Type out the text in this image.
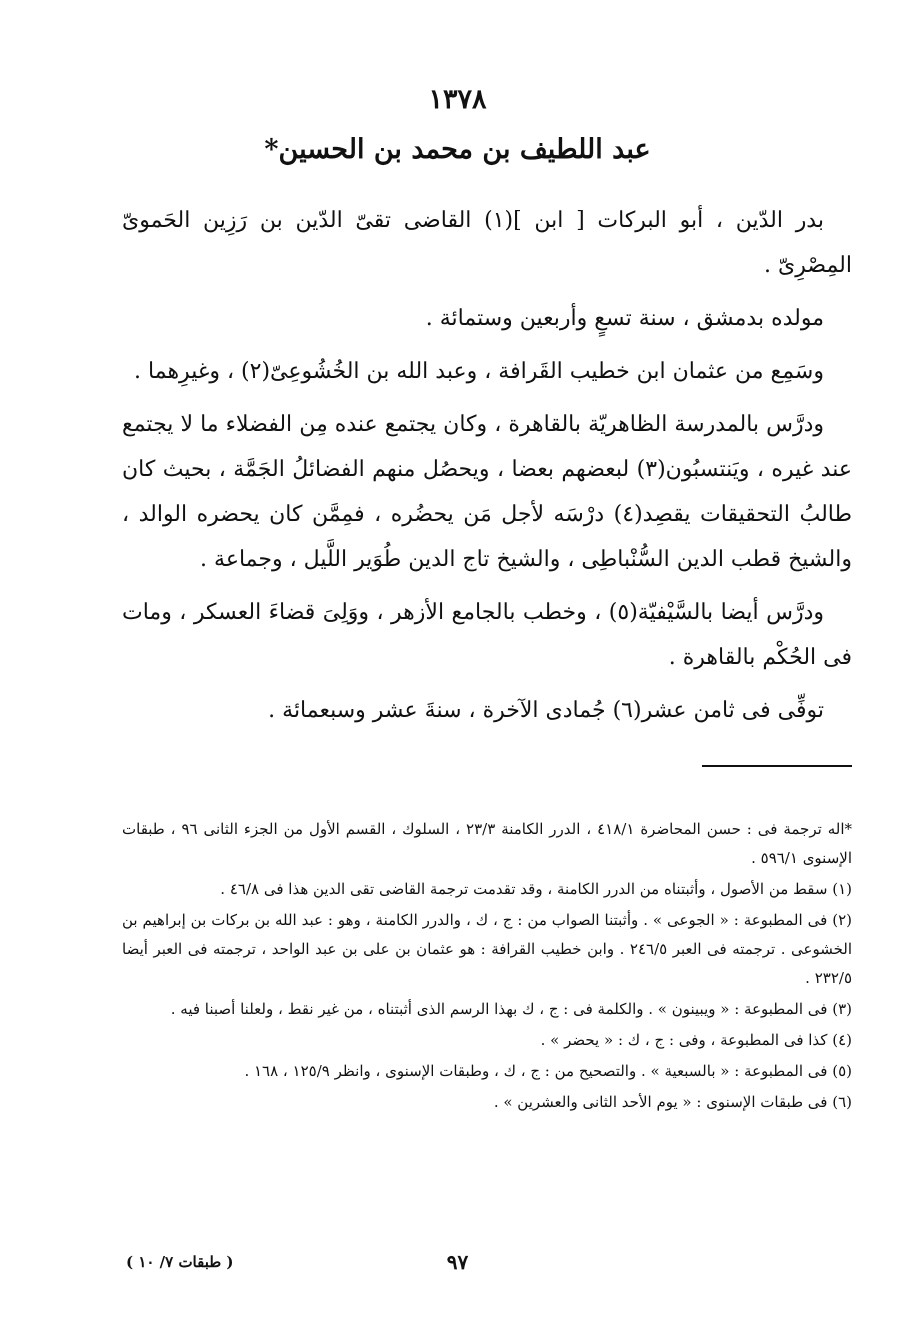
١٣٧٨
عبد اللطيف بن محمد بن الحسين*

بدر الدّين ، أبو البركات [ ابن ](١) القاضى تقىّ الدّين بن رَزِين الحَموىّ المِصْرِىّ .

مولده بدمشق ، سنة تسعٍ وأربعين وستمائة .

وسَمِع من عثمان ابن خطيب القَرافة ، وعبد الله بن الخُشُوعِىّ(٢) ، وغيرِهما .

ودرَّس بالمدرسة الظاهريّة بالقاهرة ، وكان يجتمع عنده مِن الفضلاء ما لا يجتمع عند غيره ، ويَنتسبُون(٣) لبعضهم بعضا ، ويحصُل منهم الفضائلُ الجَمَّة ، بحيث كان طالبُ التحقيقات يقصِد(٤) درْسَه لأجل مَن يحضُره ، فمِمَّن كان يحضره الوالد ، والشيخ قطب الدين السُّنْباطِى ، والشيخ تاج الدين طُوَير اللَّيل ، وجماعة .

ودرَّس أيضا بالسَّيْفيّة(٥) ، وخطب بالجامع الأزهر ، ووَلِىَ قضاءَ العسكر ، ومات فى الحُكْم بالقاهرة .

توفِّى فى ثامن عشر(٦) جُمادى الآخرة ، سنةَ عشر وسبعمائة .

*اله ترجمة فى : حسن المحاضرة ٤١٨/١ ، الدرر الكامنة ٢٣/٣ ، السلوك ، القسم الأول من الجزء الثانى ٩٦ ، طبقات الإسنوى ٥٩٦/١ .

(١) سقط من الأصول ، وأثبتناه من الدرر الكامنة ، وقد تقدمت ترجمة القاضى تقى الدين هذا فى ٤٦/٨ .

(٢) فى المطبوعة : « الجوعى » . وأثبتنا الصواب من : ج ، ك ، والدرر الكامنة ، وهو : عبد الله بن بركات بن إبراهيم بن الخشوعى . ترجمته فى العبر ٢٤٦/٥ . وابن خطيب القرافة : هو عثمان بن على بن عبد الواحد ، ترجمته فى العبر أيضا ٢٣٢/٥ .

(٣) فى المطبوعة : « ويبينون » . والكلمة فى : ج ، ك بهذا الرسم الذى أثبتناه ، من غير نقط ، ولعلنا أصبنا فيه .

(٤) كذا فى المطبوعة ، وفى : ج ، ك : « يحضر » .

(٥) فى المطبوعة : « بالسبعية » . والتصحيح من : ج ، ك ، وطبقات الإسنوى ، وانظر ١٢٥/٩ ، ١٦٨ .

(٦) فى طبقات الإسنوى : « يوم الأحد الثانى والعشرين » .

٩٧
( طبقات ٧/ ١٠ )
